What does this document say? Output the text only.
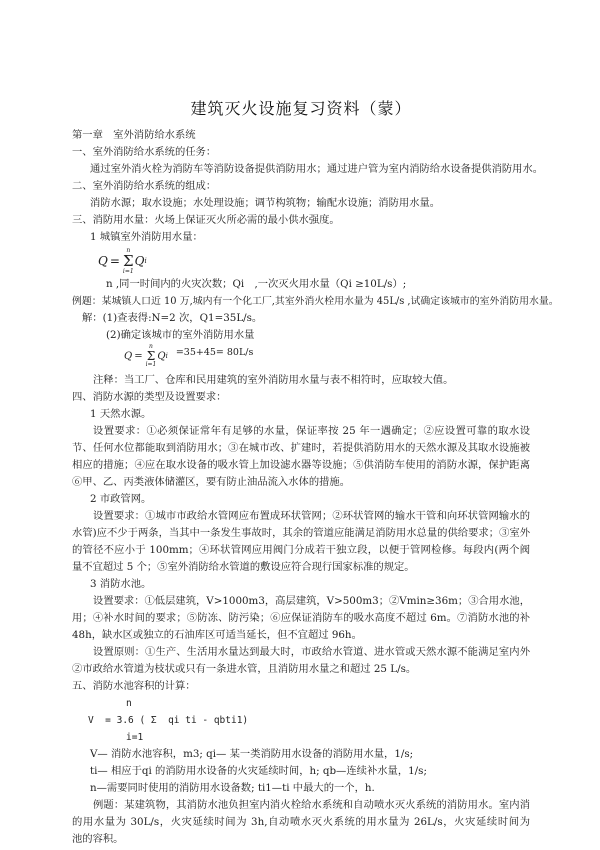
建筑灭火设施复习资料（蒙）
第一章　室外消防给水系统
一、室外消防给水系统的任务：
通过室外消火栓为消防车等消防设备提供消防用水；通过进户管为室内消防给水设备提供消防用水。
二、室外消防给水系统的组成：
消防水源；取水设施；水处理设施；调节构筑物；输配水设施；消防用水量。
三、消防用水量：火场上保证灭火所必需的最小供水强度。
1 城镇室外消防用水量：
Q =
n
Σ
i=1
Q i
n ,同一时间内的火灾次数；Qi　,一次灭火用水量（Qi ≥10L/s）;
例题：某城镇人口近 10 万,城内有一个化工厂,其室外消火栓用水量为 45L/s ,试确定该城市的室外消防用水量。
解：(1)查表得:N=2 次，Q1=35L/s。
(2)确定该城市的室外消防用水量
Q =
n
Σ
i=1
Q i =35+45= 80L/s
注释：当工厂、仓库和民用建筑的室外消防用水量与表不相符时，应取较大值。
四、消防水源的类型及设置要求：
1 天然水源。
设置要求：①必须保证常年有足够的水量，保证率按 25 年一遇确定；②应设置可靠的取水设
节、任何水位都能取到消防用水；③在城市改、扩建时，若提供消防用水的天然水源及其取水设施被
相应的措施；④应在取水设备的吸水管上加设滤水器等设施；⑤供消防车使用的消防水源，保护距离
⑥甲、乙、丙类液体储灌区，要有防止油品流入水体的措施。
2 市政管网。
设置要求：①城市市政给水管网应布置成环状管网；②环状管网的输水干管和向环状管网输水的
水管)应不少于两条，当其中一条发生事故时，其余的管道应能满足消防用水总量的供给要求；③室外
的管径不应小于 100mm；④环状管网应用阀门分成若干独立段，以便于管网检修。每段内(两个阀
量不宜超过 5 个；⑤室外消防给水管道的敷设应符合现行国家标准的规定。
3 消防水池。
设置要求：①低层建筑，V>1000m3，高层建筑，V>500m3；②Vmin≥36m；③合用水池，
用；④补水时间的要求；⑤防冻、防污染；⑥应保证消防车的吸水高度不超过 6m。⑦消防水池的补
48h，缺水区或独立的石油库区可适当延长，但不宜超过 96h。
设置原则：①生产、生活用水量达到最大时，市政给水管道、进水管或天然水源不能满足室内外
②市政给水管道为枝状或只有一条进水管，且消防用水量之和超过 25 L/s。
五、消防水池容积的计算：
n
V  = 3.6 ( Σ  qi ti - qbti1)
i=1
V— 消防水池容积，m3; qi— 某一类消防用水设备的消防用水量，1/s;
ti— 相应于qi 的消防用水设备的火灾延续时间，h; qb—连续补水量，1/s;
n—需要同时使用的消防用水设备数; ti1—ti 中最大的一个，h.
例题：某建筑物，其消防水池负担室内消火栓给水系统和自动喷水灭火系统的消防用水。室内消
的用水量为 30L/s，火灾延续时间为 3h,自动喷水灭火系统的用水量为 26L/s，火灾延续时间为
池的容积。
